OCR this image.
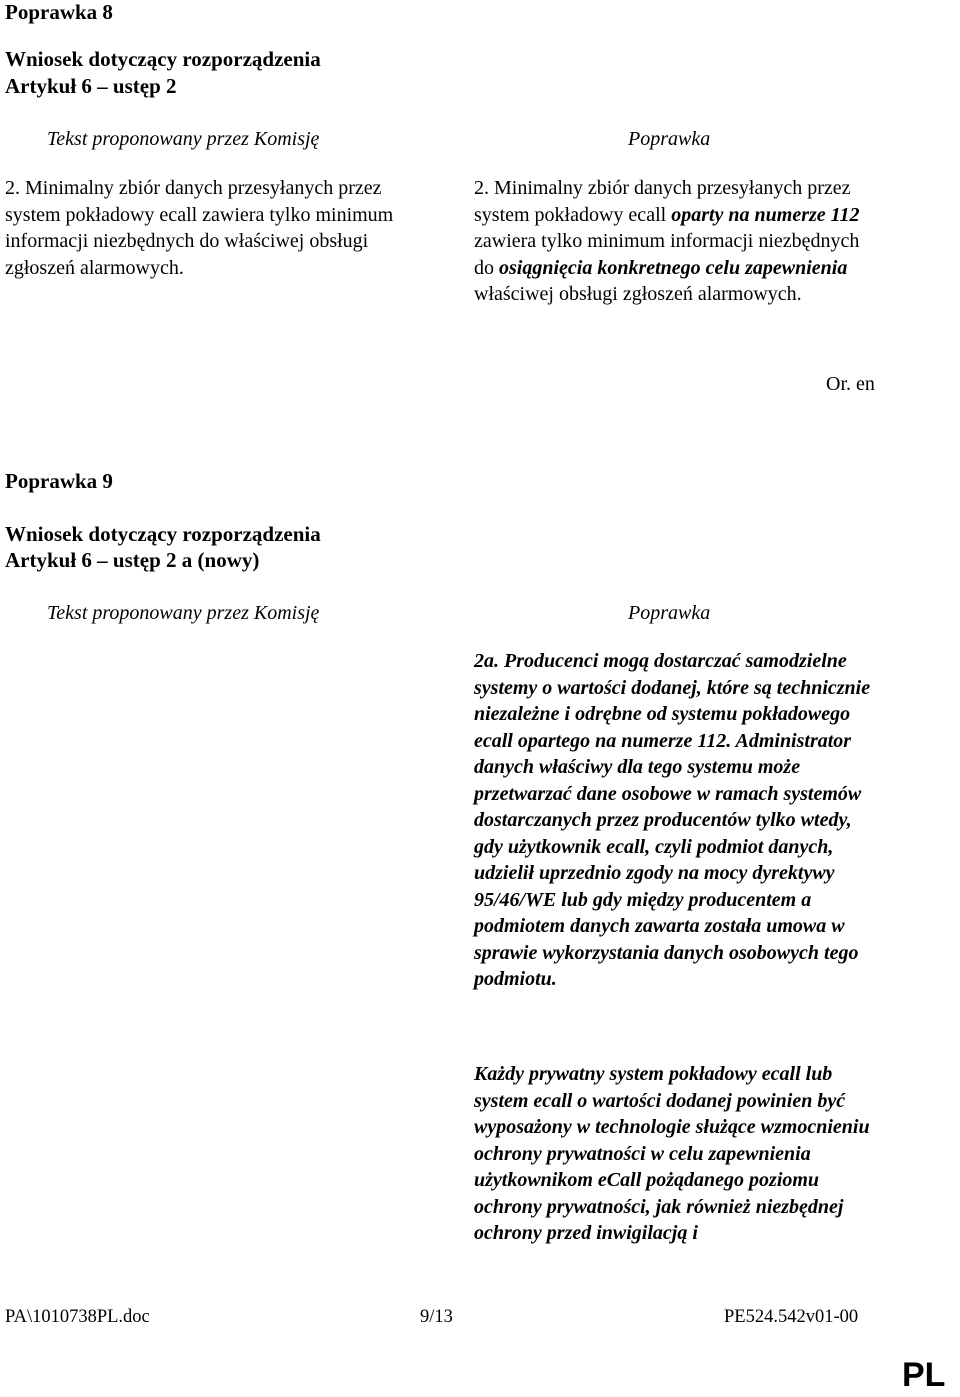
Poprawka 8
Wniosek dotyczący rozporządzenia
Artykuł 6 – ustęp 2
Tekst proponowany przez Komisję	Poprawka
2. Minimalny zbiór danych przesyłanych przez system pokładowy ecall zawiera tylko minimum informacji niezbędnych do właściwej obsługi zgłoszeń alarmowych.
2. Minimalny zbiór danych przesyłanych przez system pokładowy ecall oparty na numerze 112 zawiera tylko minimum informacji niezbędnych do osiągnięcia konkretnego celu zapewnienia właściwej obsługi zgłoszeń alarmowych.
Or. en
Poprawka 9
Wniosek dotyczący rozporządzenia
Artykuł 6 – ustęp 2 a (nowy)
Tekst proponowany przez Komisję	Poprawka
2a. Producenci mogą dostarczać samodzielne systemy o wartości dodanej, które są technicznie niezależne i odrębne od systemu pokładowego ecall opartego na numerze 112. Administrator danych właściwy dla tego systemu może przetwarzać dane osobowe w ramach systemów dostarczanych przez producentów tylko wtedy, gdy użytkownik ecall, czyli podmiot danych, udzielił uprzednio zgody na mocy dyrektywy 95/46/WE lub gdy między producentem a podmiotem danych zawarta została umowa w sprawie wykorzystania danych osobowych tego podmiotu.
Każdy prywatny system pokładowy ecall lub system ecall o wartości dodanej powinien być wyposażony w technologie służące wzmocnieniu ochrony prywatności w celu zapewnienia użytkownikom eCall pożądanego poziomu ochrony prywatności, jak również niezbędnej ochrony przed inwigilacją i
PA\1010738PL.doc	9/13	PE524.542v01-00
PL
